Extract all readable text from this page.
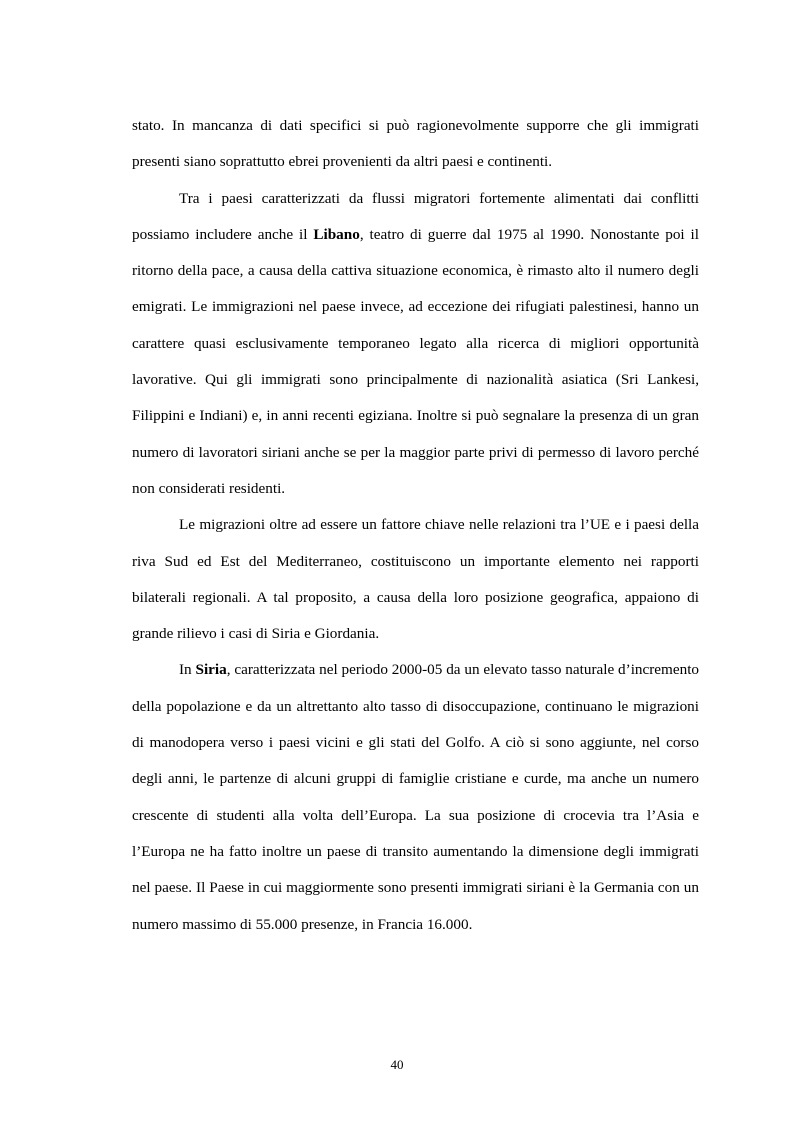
stato. In mancanza di dati specifici si può ragionevolmente supporre che gli immigrati presenti siano soprattutto ebrei provenienti da altri paesi e continenti.

Tra i paesi caratterizzati da flussi migratori fortemente alimentati dai conflitti possiamo includere anche il Libano, teatro di guerre dal 1975 al 1990. Nonostante poi il ritorno della pace, a causa della cattiva situazione economica, è rimasto alto il numero degli emigrati. Le immigrazioni nel paese invece, ad eccezione dei rifugiati palestinesi, hanno un carattere quasi esclusivamente temporaneo legato alla ricerca di migliori opportunità lavorative. Qui gli immigrati sono principalmente di nazionalità asiatica (Sri Lankesi, Filippini e Indiani) e, in anni recenti egiziana. Inoltre si può segnalare la presenza di un gran numero di lavoratori siriani anche se per la maggior parte privi di permesso di lavoro perché non considerati residenti.

Le migrazioni oltre ad essere un fattore chiave nelle relazioni tra l’UE e i paesi della riva Sud ed Est del Mediterraneo, costituiscono un importante elemento nei rapporti bilaterali regionali. A tal proposito, a causa della loro posizione geografica, appaiono di grande rilievo i casi di Siria e Giordania.

In Siria, caratterizzata nel periodo 2000-05 da un elevato tasso naturale d’incremento della popolazione e da un altrettanto alto tasso di disoccupazione, continuano le migrazioni di manodopera verso i paesi vicini e gli stati del Golfo. A ciò si sono aggiunte, nel corso degli anni, le partenze di alcuni gruppi di famiglie cristiane e curde, ma anche un numero crescente di studenti alla volta dell’Europa. La sua posizione di crocevia tra l’Asia e l’Europa ne ha fatto inoltre un paese di transito aumentando la dimensione degli immigrati nel paese. Il Paese in cui maggiormente sono presenti immigrati siriani è la Germania con un numero massimo di 55.000 presenze, in Francia 16.000.

40
